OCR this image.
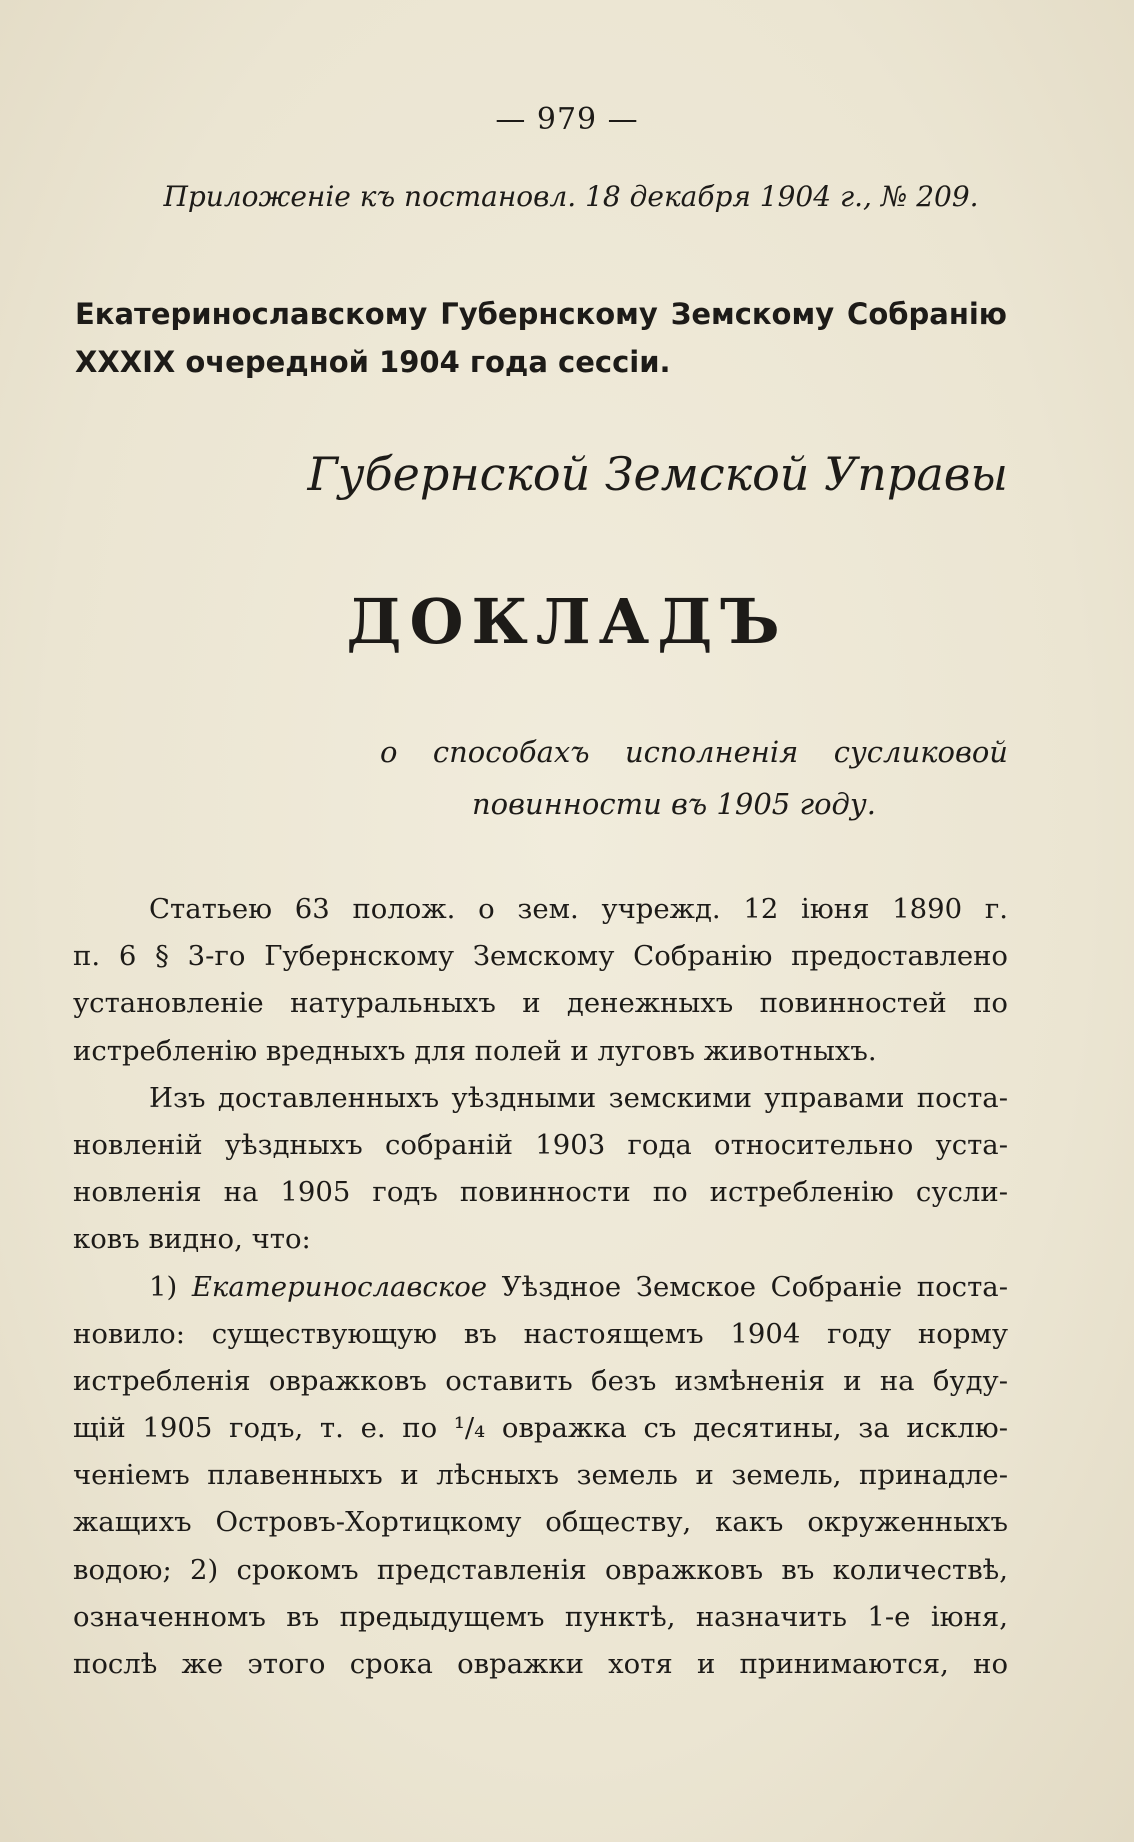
— 979 —
Приложеніе къ постановл. 18 декабря 1904 г., № 209.
Екатеринославскому Губернскому Земскому Собранію
XXXIX очередной 1904 года сессіи.
Губернской Земской Управы
ДОКЛАДЪ
о способахъ исполненія сусликовой
повинности въ 1905 году.
Статьею 63 полож. о зем. учрежд. 12 іюня 1890 г.
п. 6 § 3-го Губернскому Земскому Собранію предоставлено
установленіе натуральныхъ и денежныхъ повинностей по
истребленію вредныхъ для полей и луговъ животныхъ.
Изъ доставленныхъ уѣздными земскими управами поста-
новленій уѣздныхъ собраній 1903 года относительно уста-
новленія на 1905 годъ повинности по истребленію сусли-
ковъ видно, что:
1) Екатеринославское Уѣздное Земское Собраніе поста-
новило: существующую въ настоящемъ 1904 году норму
истребленія овражковъ оставить безъ измѣненія и на буду-
щій 1905 годъ, т. е. по ¹/₄ овражка съ десятины, за исклю-
ченіемъ плавенныхъ и лѣсныхъ земель и земель, принадле-
жащихъ Островъ-Хортицкому обществу, какъ окруженныхъ
водою; 2) срокомъ представленія овражковъ въ количествѣ,
означенномъ въ предыдущемъ пунктѣ, назначить 1-е іюня,
послѣ же этого срока овражки хотя и принимаются, но
